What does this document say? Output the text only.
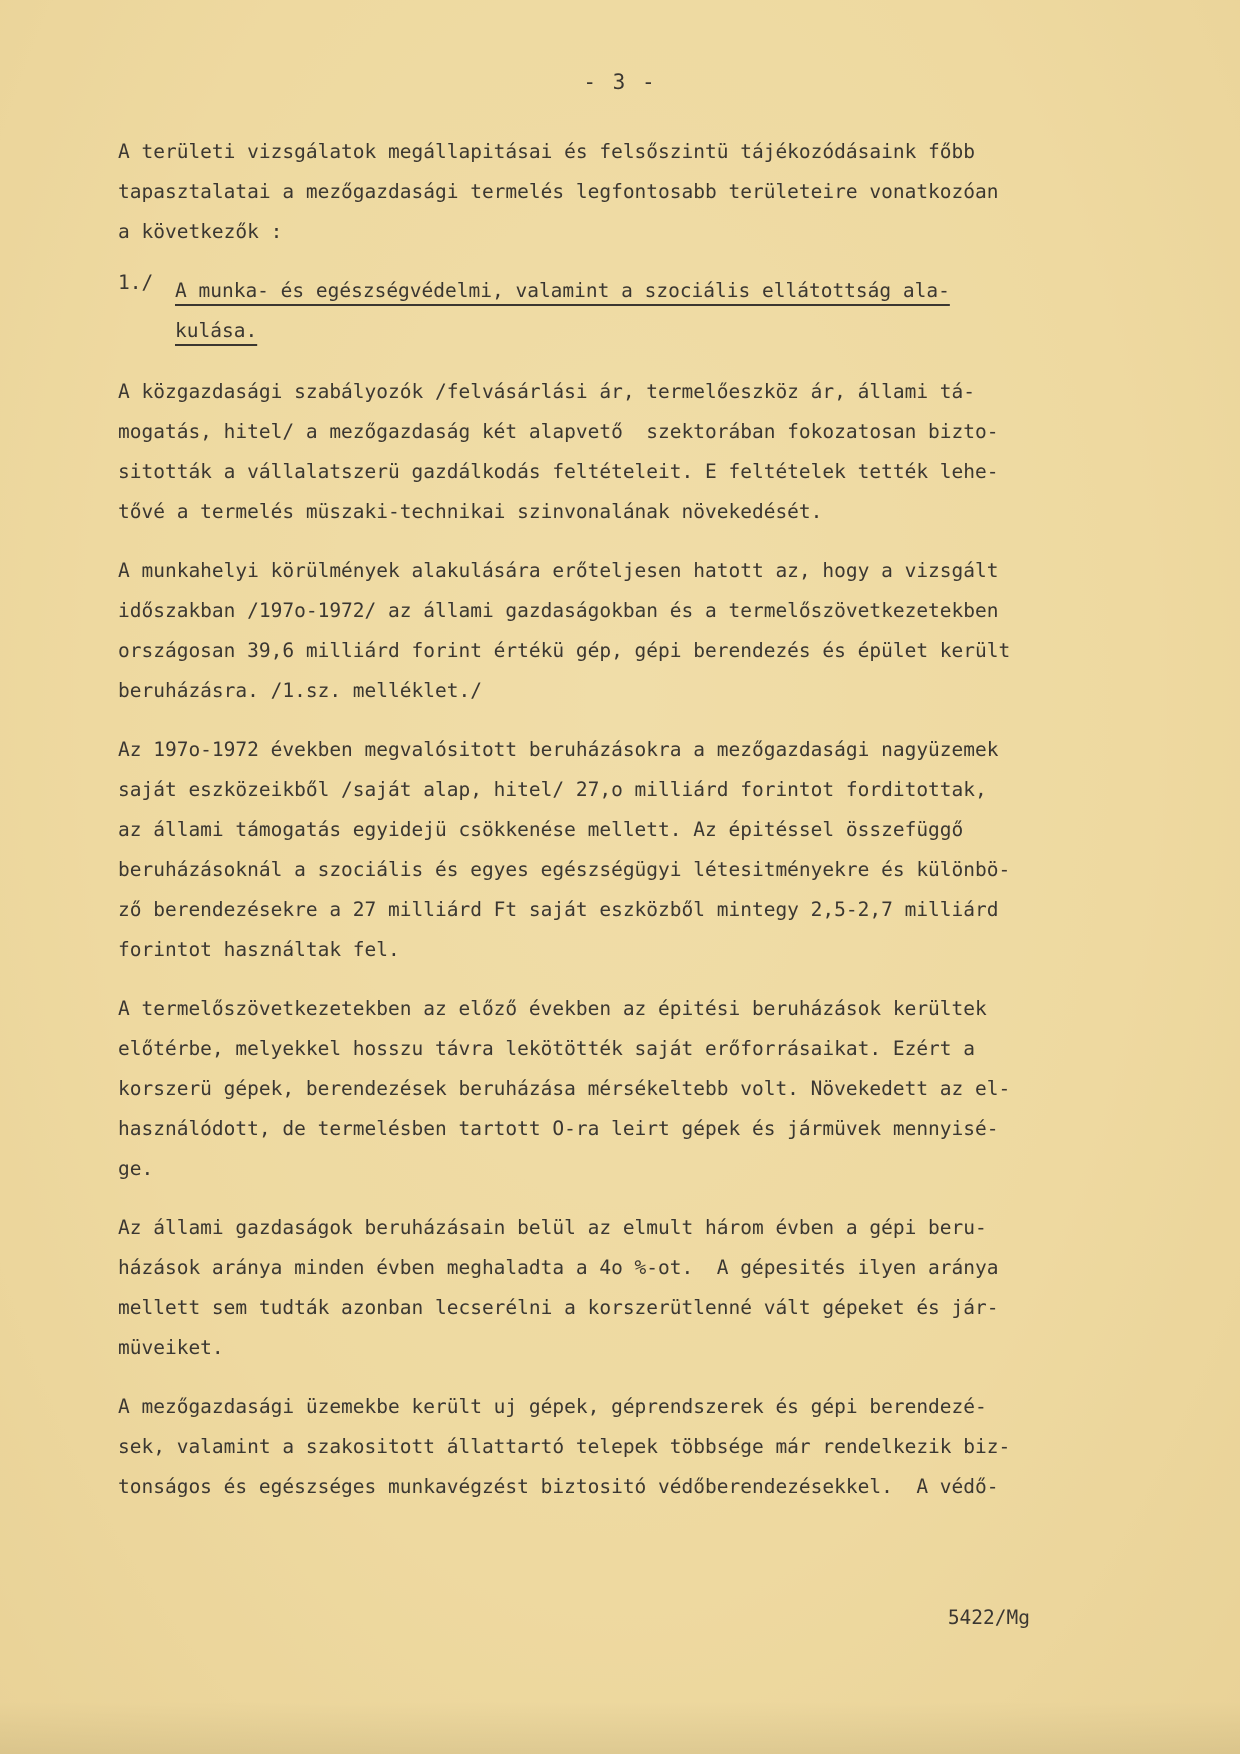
- 3 -
A területi vizsgálatok megállapitásai és felsőszintü tájékozódásaink főbb
tapasztalatai a mezőgazdasági termelés legfontosabb területeire vonatkozóan
a következők :
1./	A munka- és egészségvédelmi, valamint a szociális ellátottság ala-
kulása.
A közgazdasági szabályozók /felvásárlási ár, termelőeszköz ár, állami tá-
mogatás, hitel/ a mezőgazdaság két alapvető  szektorában fokozatosan bizto-
sitották a vállalatszerü gazdálkodás feltételeit. E feltételek tették lehe-
tővé a termelés müszaki-technikai szinvonalának növekedését.
A munkahelyi körülmények alakulására erőteljesen hatott az, hogy a vizsgált
időszakban /197o-1972/ az állami gazdaságokban és a termelőszövetkezetekben
országosan 39,6 milliárd forint értékü gép, gépi berendezés és épület került
beruházásra. /1.sz. melléklet./
Az 197o-1972 években megvalósitott beruházásokra a mezőgazdasági nagyüzemek
saját eszközeikből /saját alap, hitel/ 27,o milliárd forintot forditottak,
az állami támogatás egyidejü csökkenése mellett. Az épitéssel összefüggő
beruházásoknál a szociális és egyes egészségügyi létesitményekre és különbö-
ző berendezésekre a 27 milliárd Ft saját eszközből mintegy 2,5-2,7 milliárd
forintot használtak fel.
A termelőszövetkezetekben az előző években az épitési beruházások kerültek
előtérbe, melyekkel hosszu távra lekötötték saját erőforrásaikat. Ezért a
korszerü gépek, berendezések beruházása mérsékeltebb volt. Növekedett az el-
használódott, de termelésben tartott O-ra leirt gépek és jármüvek mennyisé-
ge.
Az állami gazdaságok beruházásain belül az elmult három évben a gépi beru-
házások aránya minden évben meghaladta a 4o %-ot.  A gépesités ilyen aránya
mellett sem tudták azonban lecserélni a korszerütlenné vált gépeket és jár-
müveiket.
A mezőgazdasági üzemekbe került uj gépek, géprendszerek és gépi berendezé-
sek, valamint a szakositott állattartó telepek többsége már rendelkezik biz-
tonságos és egészséges munkavégzést biztositó védőberendezésekkel.  A védő-
5422/Mg
